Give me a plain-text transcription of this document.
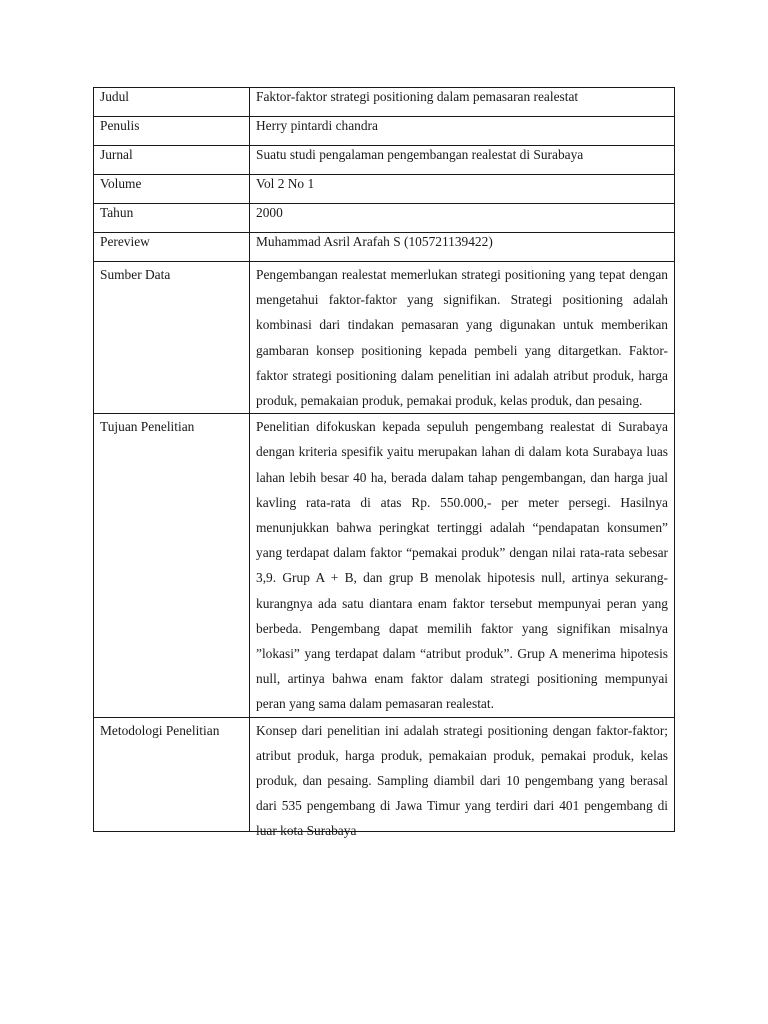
Judul	Faktor-faktor strategi positioning dalam pemasaran realestat
Penulis	Herry pintardi chandra
Jurnal	Suatu studi pengalaman pengembangan realestat di Surabaya
Volume	Vol 2 No 1
Tahun	2000
Pereview	Muhammad Asril Arafah S (105721139422)
Sumber Data	Pengembangan realestat memerlukan strategi positioning yang tepat dengan mengetahui faktor-faktor yang signifikan. Strategi positioning adalah kombinasi dari tindakan pemasaran yang digunakan untuk memberikan gambaran konsep positioning kepada pembeli yang ditargetkan. Faktor-faktor strategi positioning dalam penelitian ini adalah atribut produk, harga produk, pemakaian produk, pemakai produk, kelas produk, dan pesaing.
Tujuan Penelitian	Penelitian difokuskan kepada sepuluh pengembang realestat di Surabaya dengan kriteria spesifik yaitu merupakan lahan di dalam kota Surabaya luas lahan lebih besar 40 ha, berada dalam tahap pengembangan, dan harga jual kavling rata-rata di atas Rp. 550.000,- per meter persegi. Hasilnya menunjukkan bahwa peringkat tertinggi adalah “pendapatan konsumen” yang terdapat dalam faktor “pemakai produk” dengan nilai rata-rata sebesar 3,9. Grup A + B, dan grup B menolak hipotesis null, artinya sekurang-kurangnya ada satu diantara enam faktor tersebut mempunyai peran yang berbeda. Pengembang dapat memilih faktor yang signifikan misalnya ”lokasi” yang terdapat dalam “atribut produk”. Grup A menerima hipotesis null, artinya bahwa enam faktor dalam strategi positioning mempunyai peran yang sama dalam pemasaran realestat.
Metodologi Penelitian	Konsep dari penelitian ini adalah strategi positioning dengan faktor-faktor; atribut produk, harga produk, pemakaian produk, pemakai produk, kelas produk, dan pesaing. Sampling diambil dari 10 pengembang yang berasal dari 535 pengembang di Jawa Timur yang terdiri dari 401 pengembang di luar kota Surabaya
